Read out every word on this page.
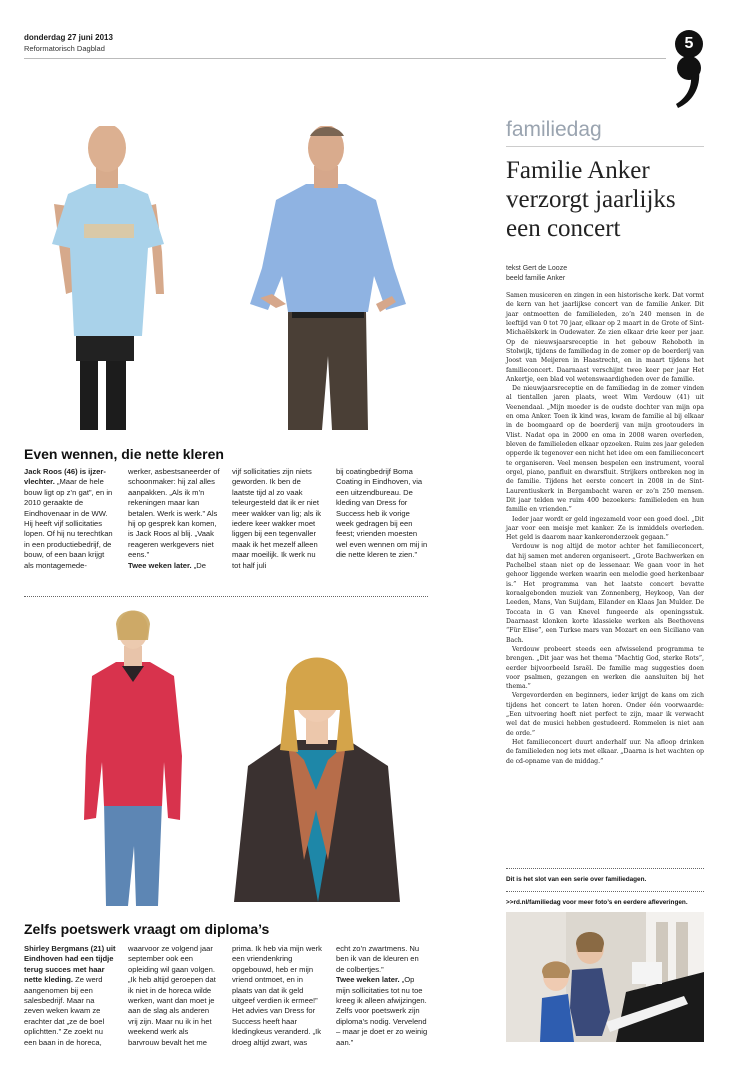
donderdag 27 juni 2013
Reformatorisch Dagblad	5
Even wennen, die nette kleren
Jack Roos (46) is ijzervlechter. „Maar de hele bouw ligt op z’n gat”, en in 2010 geraakte de Eindhovenaar in de WW. Hij heeft vijf sollicitaties lopen. Of hij nu terechtkan in een productiebedrijf, de bouw, of een baan krijgt als montagemede-
werker, asbestsaneerder of schoonmaker: hij zal alles aanpakken. „Als ik m’n rekeningen maar kan betalen. Werk is werk.” Als hij op gesprek kan komen, is Jack Roos al blij. „Vaak reageren werkgevers niet eens.”
Twee weken later. „De
vijf sollicitaties zijn niets geworden. Ik ben de laatste tijd al zo vaak teleurgesteld dat ik er niet meer wakker van lig; als ik iedere keer wakker moet liggen bij een tegenvaller maak ik het mezelf alleen maar moeilijk. Ik werk nu tot half juli
bij coatingbedrijf Boma Coating in Eindhoven, via een uitzendbureau. De kleding van Dress for Success heb ik vorige week gedragen bij een feest; vrienden moesten wel even wennen om mij in die nette kleren te zien.”
Zelfs poetswerk vraagt om diploma’s
Shirley Bergmans (21) uit Eindhoven had een tijdje terug succes met haar nette kleding. Ze werd aangenomen bij een salesbedrijf. Maar na zeven weken kwam ze erachter dat „ze de boel oplichtten.” Ze zoekt nu een baan in de horeca,
waarvoor ze volgend jaar september ook een opleiding wil gaan volgen. „Ik heb altijd geroepen dat ik niet in de horeca wilde werken, want dan moet je aan de slag als anderen vrij zijn. Maar nu ik in het weekend werk als barvrouw bevalt het me
prima. Ik heb via mijn werk een vriendenkring opgebouwd, heb er mijn vriend ontmoet, en in plaats van dat ik geld uitgeef verdien ik ermee!” Het advies van Dress for Success heeft haar kledingkeus veranderd. „Ik droeg altijd zwart, was
echt zo’n zwartmens. Nu ben ik van de kleuren en de colbertjes.”
Twee weken later. „Op mijn sollicitaties tot nu toe kreeg ik alleen afwijzingen. Zelfs voor poetswerk zijn diploma’s nodig. Vervelend – maar je doet er zo weinig aan.”
familiedag
Familie Anker verzorgt jaarlijks een concert
tekst Gert de Looze
beeld familie Anker

Samen musiceren en zingen in een historische kerk. Dat vormt de kern van het jaarlijkse concert van de familie Anker. Dit jaar ontmoetten de familieleden, zo’n 240 mensen in de leeftijd van 0 tot 70 jaar, elkaar op 2 maart in de Grote of Sint-Michaëlskerk in Oudewater. Ze zien elkaar drie keer per jaar. Op de nieuwsjaarsreceptie in het gebouw Rehoboth in Stolwijk, tijdens de familiedag in de zomer op de boerderij van Joost van Meijeren in Haastrecht, en in maart tijdens het familieconcert. Daarnaast verschijnt twee keer per jaar Het Ankertje, een blad vol wetenswaardigheden over de familie.

De nieuwjaarsreceptie en de familiedag in de zomer vinden al tientallen jaren plaats, weet Wim Verdouw (41) uit Veenendaal. „Mijn moeder is de oudste dochter van mijn opa en oma Anker. Toen ik kind was, kwam de familie al bij elkaar in de boomgaard op de boerderij van mijn grootouders in Vlist. Nadat opa in 2000 en oma in 2008 waren overleden, bleven de familieleden elkaar opzoeken. Ruim zes jaar geleden opperde ik tegenover een nicht het idee om een familieconcert te organiseren. Veel mensen bespelen een instrument, vooral orgel, piano, panfluit en dwarsfluit. Strijkers ontbreken nog in de familie. Tijdens het eerste concert in 2008 in de Sint-Laurentiuskerk in Bergambacht waren er zo’n 250 mensen. Dit jaar telden we ruim 400 bezoekers: familieleden en hun familie en vrienden.”

Ieder jaar wordt er geld ingezameld voor een goed doel. „Dit jaar voor een meisje met kanker. Ze is inmiddels overleden. Het geld is daarom naar kankeronderzoek gegaan.”

Verdouw is nog altijd de motor achter het familieconcert, dat hij samen met anderen organiseert. „Grote Bachwerken en Pachelbel staan niet op de lessenaar. We gaan voor in het gehoor liggende werken waarin een melodie goed herkenbaar is.” Het programma van het laatste concert bevatte koraalgebonden muziek van Zonnenberg, Heykoop, Van der Leeden, Mans, Van Suijdam, Eilander en Klaas Jan Mulder. De Toccata in G van Knevel fungeerde als openingsstuk. Daarnaast klonken korte klassieke werken als Beethovens “Für Elise”, een Turkse mars van Mozart en een Siciliano van Bach.

Verdouw probeert steeds een afwisselend programma te brengen. „Dit jaar was het thema “Machtig God, sterke Rots”, eerder bijvoorbeeld Israël. De familie mag suggesties doen voor psalmen, gezangen en werken die aansluiten bij het thema.”

Vergevorderden en beginners, ieder krijgt de kans om zich tijdens het concert te laten horen. Onder één voorwaarde: „Een uitvoering hoeft niet perfect te zijn, maar ik verwacht wel dat de musici hebben gestudeerd. Rommelen is niet aan de orde.”

Het familieconcert duurt anderhalf uur. Na afloop drinken de familieleden nog iets met elkaar. „Daarna is het wachten op de cd-opname van de middag.”

Dit is het slot van een serie over familiedagen.
>>rd.nl/familiedag voor meer foto’s en eerdere afleveringen.
